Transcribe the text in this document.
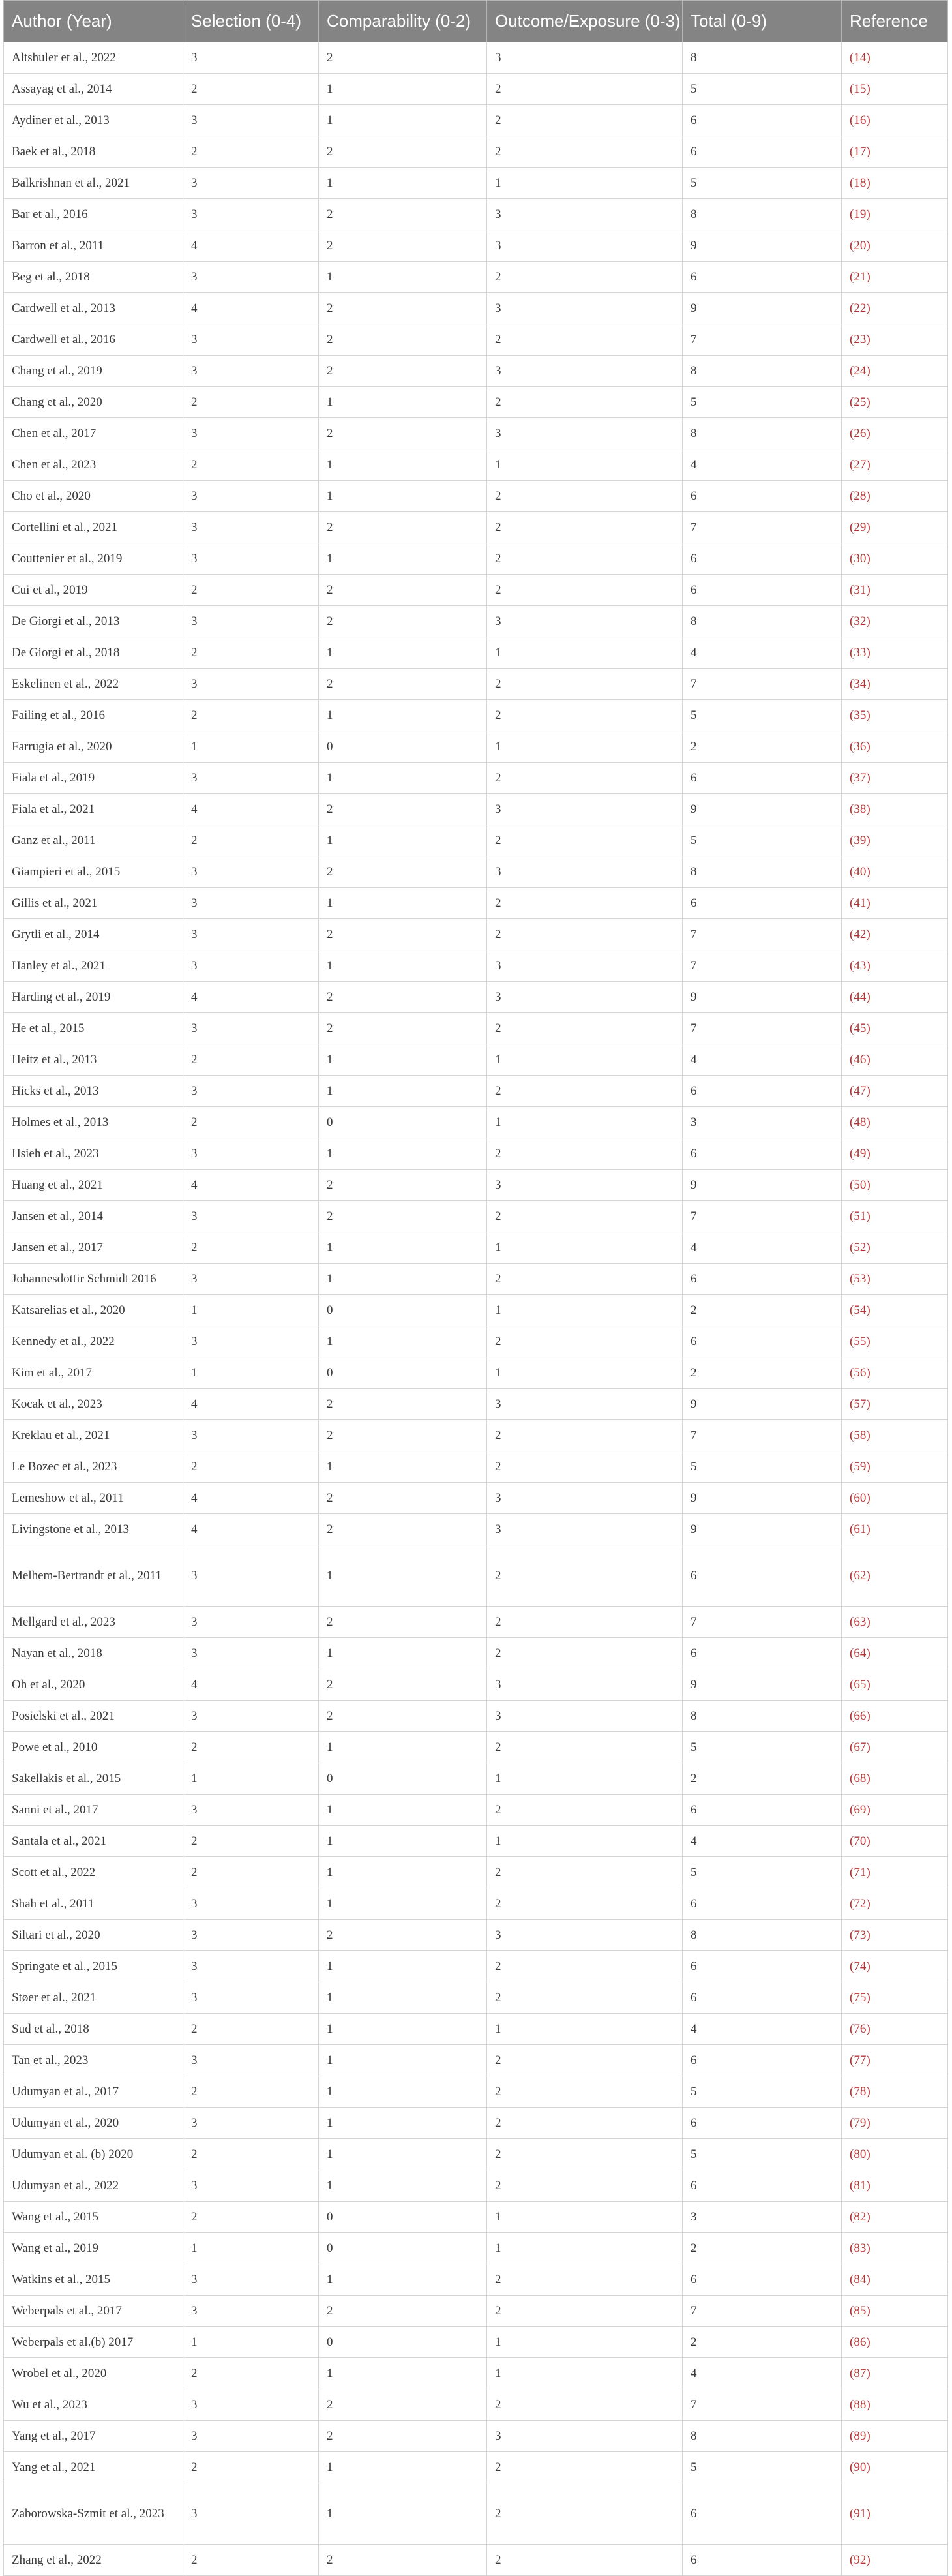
Author (Year)	Selection (0-4)	Comparability (0-2)	Outcome/Exposure (0-3)	Total (0-9)	Reference
Altshuler et al., 2022	3	2	3	8	(14)
Assayag et al., 2014	2	1	2	5	(15)
Aydiner et al., 2013	3	1	2	6	(16)
Baek et al., 2018	2	2	2	6	(17)
Balkrishnan et al., 2021	3	1	1	5	(18)
Bar et al., 2016	3	2	3	8	(19)
Barron et al., 2011	4	2	3	9	(20)
Beg et al., 2018	3	1	2	6	(21)
Cardwell et al., 2013	4	2	3	9	(22)
Cardwell et al., 2016	3	2	2	7	(23)
Chang et al., 2019	3	2	3	8	(24)
Chang et al., 2020	2	1	2	5	(25)
Chen et al., 2017	3	2	3	8	(26)
Chen et al., 2023	2	1	1	4	(27)
Cho et al., 2020	3	1	2	6	(28)
Cortellini et al., 2021	3	2	2	7	(29)
Couttenier et al., 2019	3	1	2	6	(30)
Cui et al., 2019	2	2	2	6	(31)
De Giorgi et al., 2013	3	2	3	8	(32)
De Giorgi et al., 2018	2	1	1	4	(33)
Eskelinen et al., 2022	3	2	2	7	(34)
Failing et al., 2016	2	1	2	5	(35)
Farrugia et al., 2020	1	0	1	2	(36)
Fiala et al., 2019	3	1	2	6	(37)
Fiala et al., 2021	4	2	3	9	(38)
Ganz et al., 2011	2	1	2	5	(39)
Giampieri et al., 2015	3	2	3	8	(40)
Gillis et al., 2021	3	1	2	6	(41)
Grytli et al., 2014	3	2	2	7	(42)
Hanley et al., 2021	3	1	3	7	(43)
Harding et al., 2019	4	2	3	9	(44)
He et al., 2015	3	2	2	7	(45)
Heitz et al., 2013	2	1	1	4	(46)
Hicks et al., 2013	3	1	2	6	(47)
Holmes et al., 2013	2	0	1	3	(48)
Hsieh et al., 2023	3	1	2	6	(49)
Huang et al., 2021	4	2	3	9	(50)
Jansen et al., 2014	3	2	2	7	(51)
Jansen et al., 2017	2	1	1	4	(52)
Johannesdottir Schmidt 2016	3	1	2	6	(53)
Katsarelias et al., 2020	1	0	1	2	(54)
Kennedy et al., 2022	3	1	2	6	(55)
Kim et al., 2017	1	0	1	2	(56)
Kocak et al., 2023	4	2	3	9	(57)
Kreklau et al., 2021	3	2	2	7	(58)
Le Bozec et al., 2023	2	1	2	5	(59)
Lemeshow et al., 2011	4	2	3	9	(60)
Livingstone et al., 2013	4	2	3	9	(61)
Melhem-Bertrandt et al., 2011	3	1	2	6	(62)
Mellgard et al., 2023	3	2	2	7	(63)
Nayan et al., 2018	3	1	2	6	(64)
Oh et al., 2020	4	2	3	9	(65)
Posielski et al., 2021	3	2	3	8	(66)
Powe et al., 2010	2	1	2	5	(67)
Sakellakis et al., 2015	1	0	1	2	(68)
Sanni et al., 2017	3	1	2	6	(69)
Santala et al., 2021	2	1	1	4	(70)
Scott et al., 2022	2	1	2	5	(71)
Shah et al., 2011	3	1	2	6	(72)
Siltari et al., 2020	3	2	3	8	(73)
Springate et al., 2015	3	1	2	6	(74)
Støer et al., 2021	3	1	2	6	(75)
Sud et al., 2018	2	1	1	4	(76)
Tan et al., 2023	3	1	2	6	(77)
Udumyan et al., 2017	2	1	2	5	(78)
Udumyan et al., 2020	3	1	2	6	(79)
Udumyan et al. (b) 2020	2	1	2	5	(80)
Udumyan et al., 2022	3	1	2	6	(81)
Wang et al., 2015	2	0	1	3	(82)
Wang et al., 2019	1	0	1	2	(83)
Watkins et al., 2015	3	1	2	6	(84)
Weberpals et al., 2017	3	2	2	7	(85)
Weberpals et al.(b) 2017	1	0	1	2	(86)
Wrobel et al., 2020	2	1	1	4	(87)
Wu et al., 2023	3	2	2	7	(88)
Yang et al., 2017	3	2	3	8	(89)
Yang et al., 2021	2	1	2	5	(90)
Zaborowska-Szmit et al., 2023	3	1	2	6	(91)
Zhang et al., 2022	2	2	2	6	(92)
